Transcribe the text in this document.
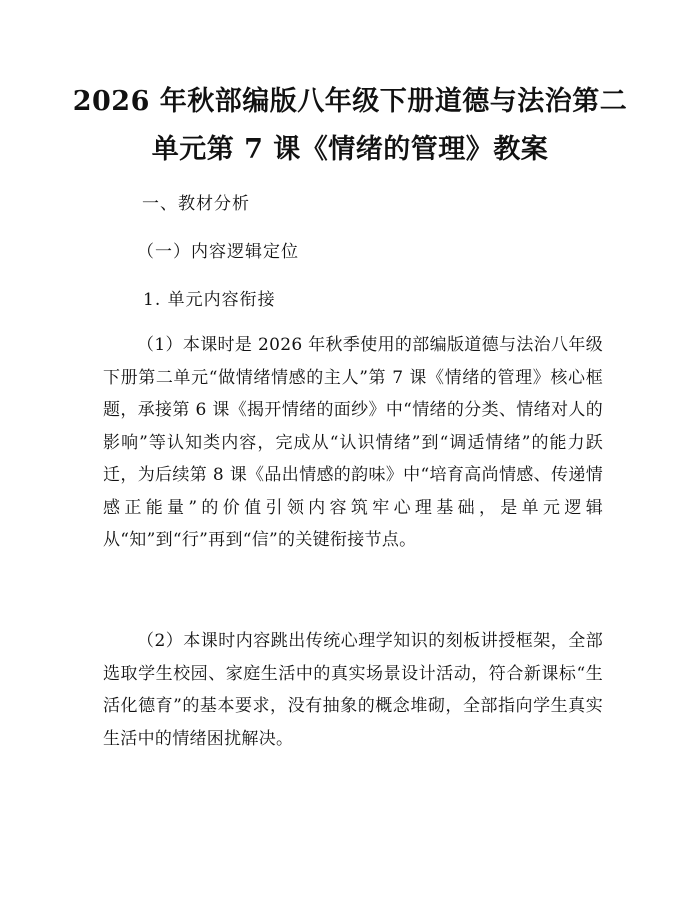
2026 年秋部编版八年级下册道德与法治第二
单元第 7 课《情绪的管理》教案
一、教材分析
（一）内容逻辑定位
1. 单元内容衔接

（1）本课时是 2026 年秋季使用的部编版道德与法治八年级下册第二单元“做情绪情感的主人”第 7 课《情绪的管理》核心框题，承接第 6 课《揭开情绪的面纱》中“情绪的分类、情绪对人的影响”等认知类内容，完成从“认识情绪”到“调适情绪”的能力跃迁，为后续第 8 课《品出情感的韵味》中“培育高尚情感、传递情感正能量”的价值引领内容筑牢心理基础，是单元逻辑从“知”到“行”再到“信”的关键衔接节点。

（2）本课时内容跳出传统心理学知识的刻板讲授框架，全部选取学生校园、家庭生活中的真实场景设计活动，符合新课标“生活化德育”的基本要求，没有抽象的概念堆砌，全部指向学生真实生活中的情绪困扰解决。
